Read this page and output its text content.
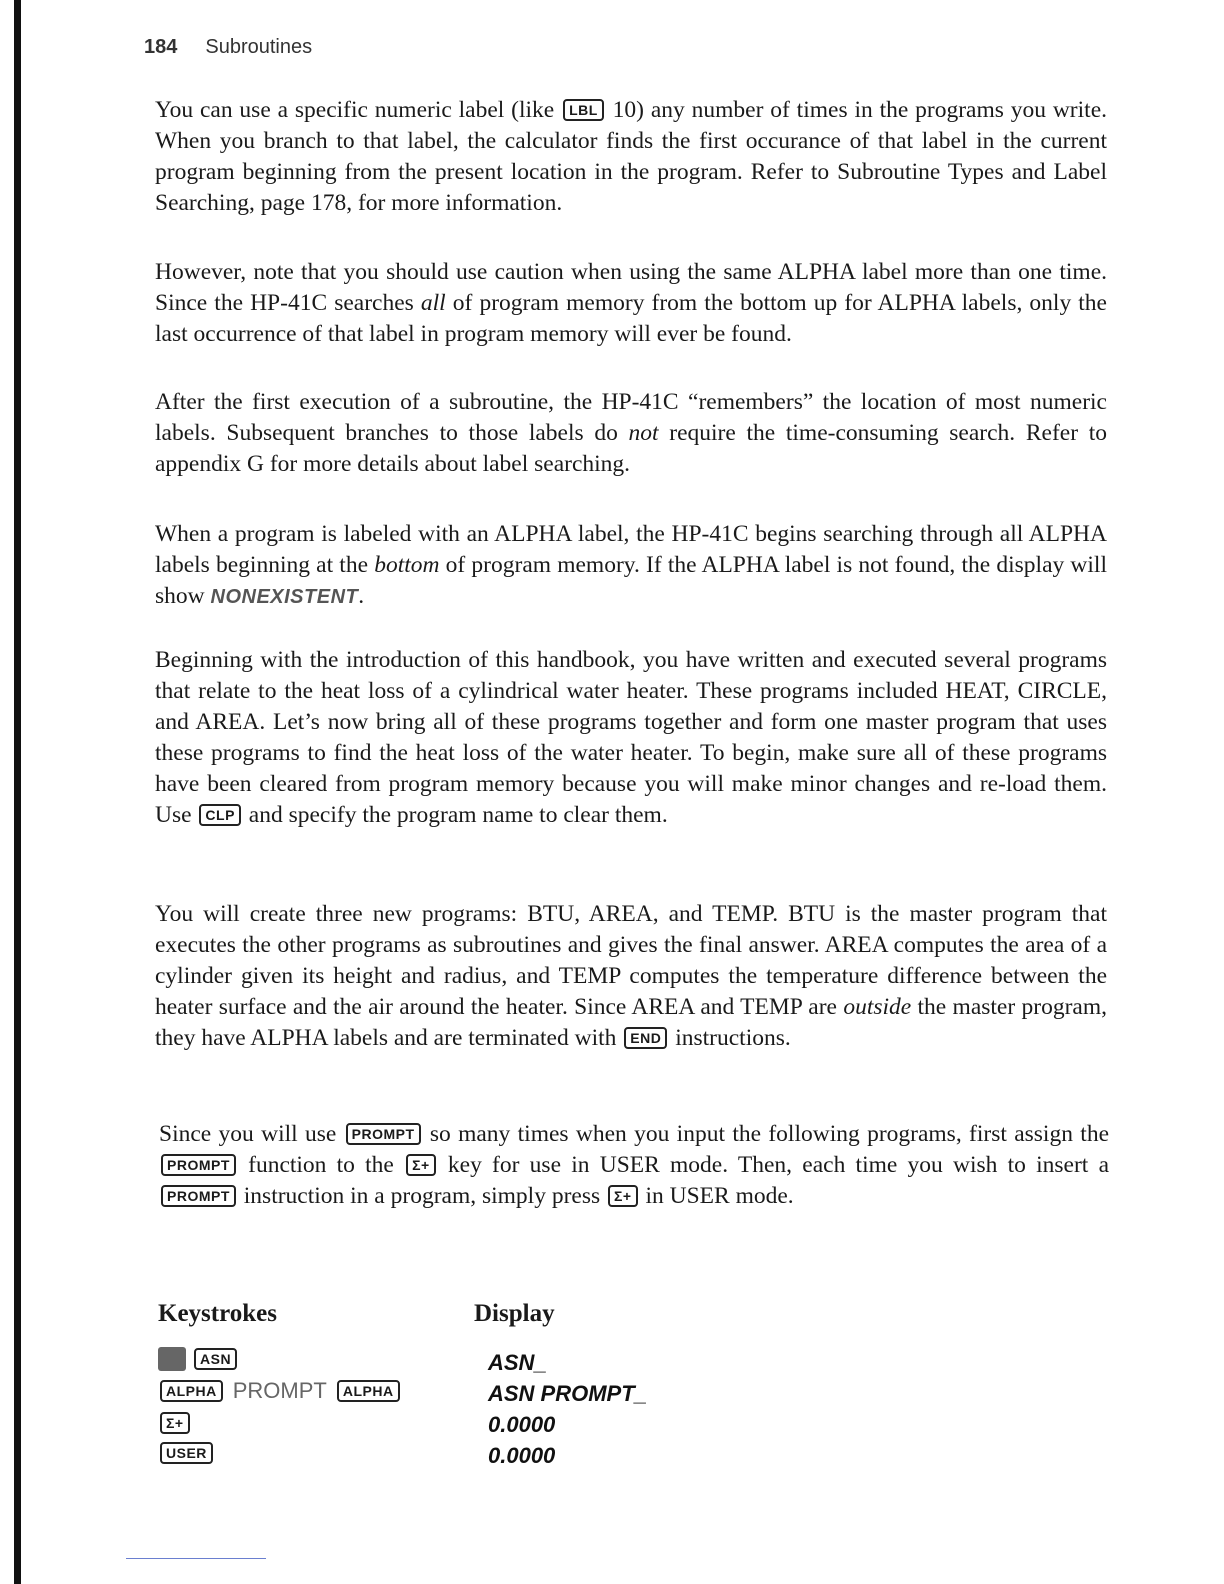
184 Subroutines

You can use a specific numeric label (like LBL 10) any number of times in the programs you write. When you branch to that label, the calculator finds the first occurance of that label in the current program beginning from the present location in the program. Refer to Subroutine Types and Label Searching, page 178, for more information.

However, note that you should use caution when using the same ALPHA label more than one time. Since the HP-41C searches all of program memory from the bottom up for ALPHA labels, only the last occurrence of that label in program memory will ever be found.

After the first execution of a subroutine, the HP-41C “remembers” the location of most numeric labels. Subsequent branches to those labels do not require the time-consuming search. Refer to appendix G for more details about label searching.

When a program is labeled with an ALPHA label, the HP-41C begins searching through all ALPHA labels beginning at the bottom of program memory. If the ALPHA label is not found, the display will show NONEXISTENT.

Beginning with the introduction of this handbook, you have written and executed several programs that relate to the heat loss of a cylindrical water heater. These programs included HEAT, CIRCLE, and AREA. Let’s now bring all of these programs together and form one master program that uses these programs to find the heat loss of the water heater. To begin, make sure all of these programs have been cleared from program memory because you will make minor changes and re-load them. Use CLP and specify the program name to clear them.

You will create three new programs: BTU, AREA, and TEMP. BTU is the master program that executes the other programs as subroutines and gives the final answer. AREA computes the area of a cylinder given its height and radius, and TEMP computes the temperature difference between the heater surface and the air around the heater. Since AREA and TEMP are outside the master program, they have ALPHA labels and are terminated with END instructions.

Since you will use PROMPT so many times when you input the following programs, first assign the PROMPT function to the Σ+ key for use in USER mode. Then, each time you wish to insert a PROMPT instruction in a program, simply press Σ+ in USER mode.

Keystrokes	Display
ASN	ASN_
ALPHA PROMPT ALPHA	ASN PROMPT_
Σ+	0.0000
USER	0.0000
